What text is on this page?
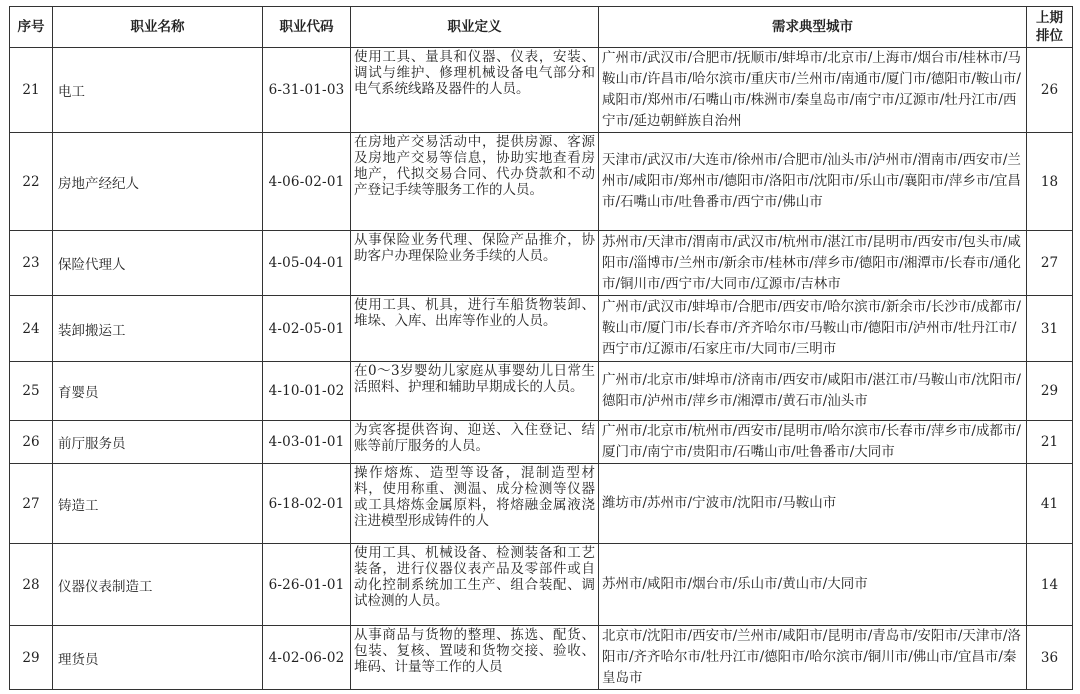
序号	职业名称	职业代码	职业定义	需求典型城市	上期
排位
21	电工	6-31-01-03	使用工具、量具和仪器、仪表，安装、调试与维护、修理机械设备电气部分和电气系统线路及器件的人员。	广州市/武汉市/合肥市/抚顺市/蚌埠市/北京市/上海市/烟台市/桂林市/马鞍山市/许昌市/哈尔滨市/重庆市/兰州市/南通市/厦门市/德阳市/鞍山市/咸阳市/郑州市/石嘴山市/株洲市/秦皇岛市/南宁市/辽源市/牡丹江市/西宁市/延边朝鲜族自治州	26
22	房地产经纪人	4-06-02-01	在房地产交易活动中，提供房源、客源及房地产交易等信息，协助实地查看房地产，代拟交易合同、代办贷款和不动产登记手续等服务工作的人员。	天津市/武汉市/大连市/徐州市/合肥市/汕头市/泸州市/渭南市/西安市/兰州市/咸阳市/郑州市/德阳市/洛阳市/沈阳市/乐山市/襄阳市/萍乡市/宜昌市/石嘴山市/吐鲁番市/西宁市/佛山市	18
23	保险代理人	4-05-04-01	从事保险业务代理、保险产品推介，协助客户办理保险业务手续的人员。	苏州市/天津市/渭南市/武汉市/杭州市/湛江市/昆明市/西安市/包头市/咸阳市/淄博市/兰州市/新余市/桂林市/萍乡市/德阳市/湘潭市/长春市/通化市/铜川市/西宁市/大同市/辽源市/吉林市	27
24	装卸搬运工	4-02-05-01	使用工具、机具，进行车船货物装卸、堆垛、入库、出库等作业的人员。	广州市/武汉市/蚌埠市/合肥市/西安市/哈尔滨市/新余市/长沙市/成都市/鞍山市/厦门市/长春市/齐齐哈尔市/马鞍山市/德阳市/泸州市/牡丹江市/西宁市/辽源市/石家庄市/大同市/三明市	31
25	育婴员	4-10-01-02	在0～3岁婴幼儿家庭从事婴幼儿日常生活照料、护理和辅助早期成长的人员。	广州市/北京市/蚌埠市/济南市/西安市/咸阳市/湛江市/马鞍山市/沈阳市/德阳市/泸州市/萍乡市/湘潭市/黄石市/汕头市	29
26	前厅服务员	4-03-01-01	为宾客提供咨询、迎送、入住登记、结账等前厅服务的人员。	广州市/北京市/杭州市/西安市/昆明市/哈尔滨市/长春市/萍乡市/成都市/厦门市/南宁市/贵阳市/石嘴山市/吐鲁番市/大同市	21
27	铸造工	6-18-02-01	操作熔炼、造型等设备，混制造型材料，使用称重、测温、成分检测等仪器或工具熔炼金属原料，将熔融金属液浇注进模型形成铸件的人	潍坊市/苏州市/宁波市/沈阳市/马鞍山市	41
28	仪器仪表制造工	6-26-01-01	使用工具、机械设备、检测装备和工艺装备，进行仪器仪表产品及零部件或自动化控制系统加工生产、组合装配、调试检测的人员。	苏州市/咸阳市/烟台市/乐山市/黄山市/大同市	14
29	理货员	4-02-06-02	从事商品与货物的整理、拣选、配货、包装、复核、置唛和货物交接、验收、堆码、计量等工作的人员	北京市/沈阳市/西安市/兰州市/咸阳市/昆明市/青岛市/安阳市/天津市/洛阳市/齐齐哈尔市/牡丹江市/德阳市/哈尔滨市/铜川市/佛山市/宜昌市/秦皇岛市	36
